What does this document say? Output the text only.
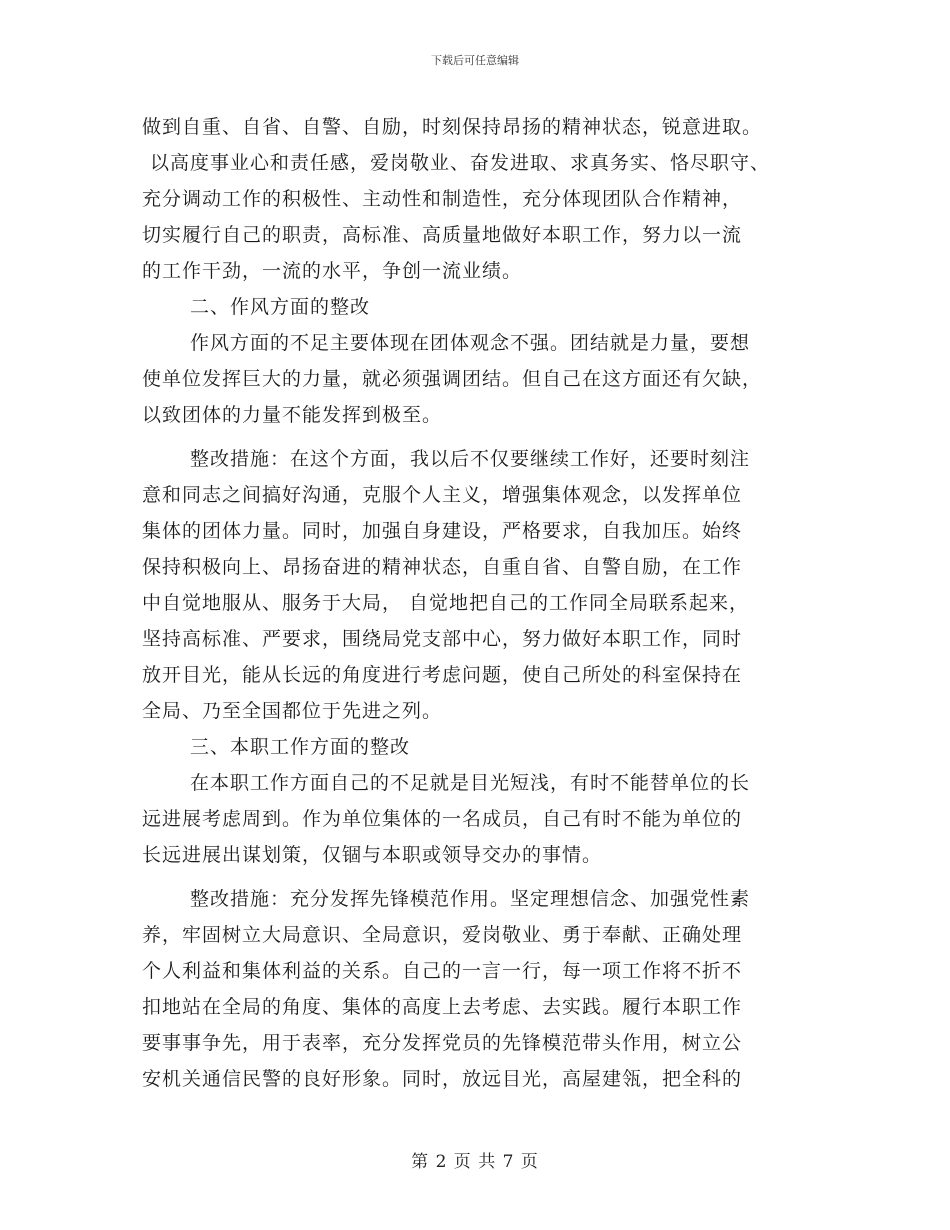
下载后可任意编辑
做到自重、自省、自警、自励，时刻保持昂扬的精神状态，锐意进取。
以高度事业心和责任感，爱岗敬业、奋发进取、求真务实、恪尽职守、
充分调动工作的积极性、主动性和制造性，充分体现团队合作精神，
切实履行自己的职责，高标准、高质量地做好本职工作，努力以一流
的工作干劲，一流的水平，争创一流业绩。
二、作风方面的整改
作风方面的不足主要体现在团体观念不强。团结就是力量，要想
使单位发挥巨大的力量，就必须强调团结。但自己在这方面还有欠缺，
以致团体的力量不能发挥到极至。
整改措施：在这个方面，我以后不仅要继续工作好，还要时刻注
意和同志之间搞好沟通，克服个人主义，增强集体观念，以发挥单位
集体的团体力量。同时，加强自身建设，严格要求，自我加压。始终
保持积极向上、昂扬奋进的精神状态，自重自省、自警自励，在工作
中自觉地服从、服务于大局， 自觉地把自己的工作同全局联系起来，
坚持高标准、严要求，围绕局党支部中心，努力做好本职工作，同时
放开目光，能从长远的角度进行考虑问题，使自己所处的科室保持在
全局、乃至全国都位于先进之列。
三、本职工作方面的整改
在本职工作方面自己的不足就是目光短浅，有时不能替单位的长
远进展考虑周到。作为单位集体的一名成员，自己有时不能为单位的
长远进展出谋划策，仅锢与本职或领导交办的事情。
整改措施：充分发挥先锋模范作用。坚定理想信念、加强党性素
养，牢固树立大局意识、全局意识，爱岗敬业、勇于奉献、正确处理
个人利益和集体利益的关系。自己的一言一行，每一项工作将不折不
扣地站在全局的角度、集体的高度上去考虑、去实践。履行本职工作
要事事争先，用于表率，充分发挥党员的先锋模范带头作用，树立公
安机关通信民警的良好形象。同时，放远目光，高屋建瓴，把全科的
第 2 页 共 7 页
